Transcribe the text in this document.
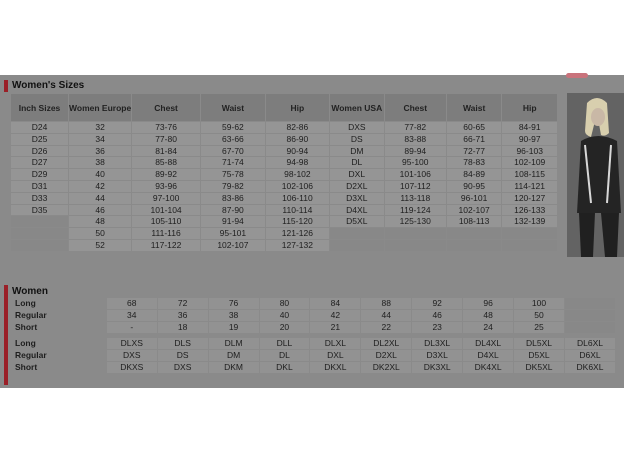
Women's Sizes
Inch Sizes	Women Europe	Chest	Waist	Hip	Women USA	Chest	Waist	Hip
D24	32	73-76	59-62	82-86	DXS	77-82	60-65	84-91
D25	34	77-80	63-66	86-90	DS	83-88	66-71	90-97
D26	36	81-84	67-70	90-94	DM	89-94	72-77	96-103
D27	38	85-88	71-74	94-98	DL	95-100	78-83	102-109
D29	40	89-92	75-78	98-102	DXL	101-106	84-89	108-115
D31	42	93-96	79-82	102-106	D2XL	107-112	90-95	114-121
D33	44	97-100	83-86	106-110	D3XL	113-118	96-101	120-127
D35	46	101-104	87-90	110-114	D4XL	119-124	102-107	126-133
	48	105-110	91-94	115-120	D5XL	125-130	108-113	132-139
	50	111-116	95-101	121-126				
	52	117-122	102-107	127-132				
Women
Long	68	72	76	80	84	88	92	96	100	
Regular	34	36	38	40	42	44	46	48	50	
Short	-	18	19	20	21	22	23	24	25	

Long	DLXS	DLS	DLM	DLL	DLXL	DL2XL	DL3XL	DL4XL	DL5XL	DL6XL
Regular	DXS	DS	DM	DL	DXL	D2XL	D3XL	D4XL	D5XL	D6XL
Short	DKXS	DXS	DKM	DKL	DKXL	DK2XL	DK3XL	DK4XL	DK5XL	DK6XL
